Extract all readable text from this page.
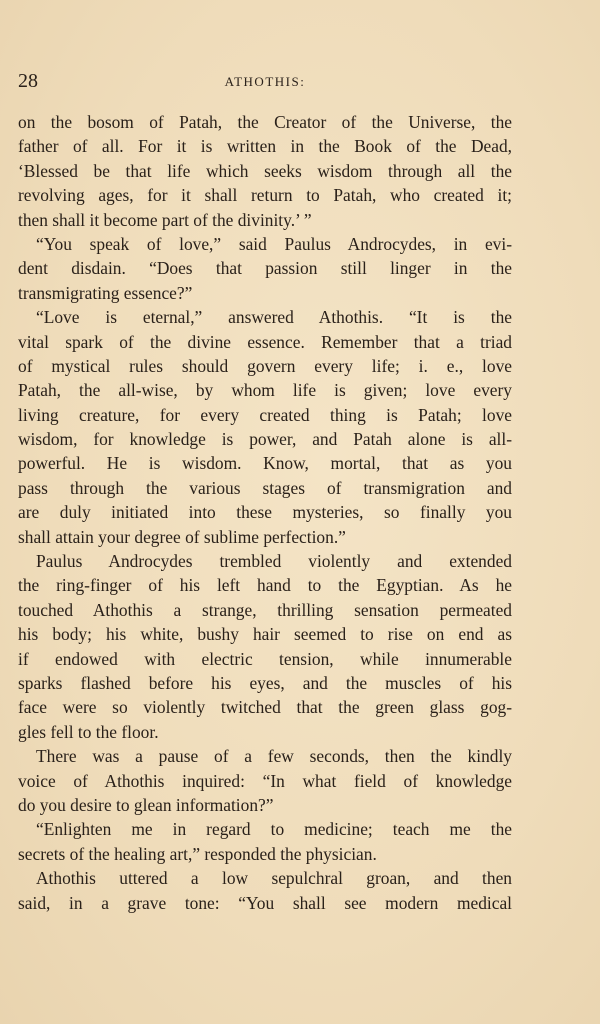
28	ATHOTHIS:
on the bosom of Patah, the Creator of the Universe, the
father of all. For it is written in the Book of the Dead,
‘Blessed be that life which seeks wisdom through all the
revolving ages, for it shall return to Patah, who created it;
then shall it become part of the divinity.’ ”
“You speak of love,” said Paulus Androcydes, in evi-
dent disdain. “Does that passion still linger in the
transmigrating essence?”
“Love is eternal,” answered Athothis. “It is the
vital spark of the divine essence. Remember that a triad
of mystical rules should govern every life; i. e., love
Patah, the all-wise, by whom life is given; love every
living creature, for every created thing is Patah; love
wisdom, for knowledge is power, and Patah alone is all-
powerful. He is wisdom. Know, mortal, that as you
pass through the various stages of transmigration and
are duly initiated into these mysteries, so finally you
shall attain your degree of sublime perfection.”
Paulus Androcydes trembled violently and extended
the ring-finger of his left hand to the Egyptian. As he
touched Athothis a strange, thrilling sensation permeated
his body; his white, bushy hair seemed to rise on end as
if endowed with electric tension, while innumerable
sparks flashed before his eyes, and the muscles of his
face were so violently twitched that the green glass gog-
gles fell to the floor.
There was a pause of a few seconds, then the kindly
voice of Athothis inquired: “In what field of knowledge
do you desire to glean information?”
“Enlighten me in regard to medicine; teach me the
secrets of the healing art,” responded the physician.
Athothis uttered a low sepulchral groan, and then
said, in a grave tone: “You shall see modern medical
